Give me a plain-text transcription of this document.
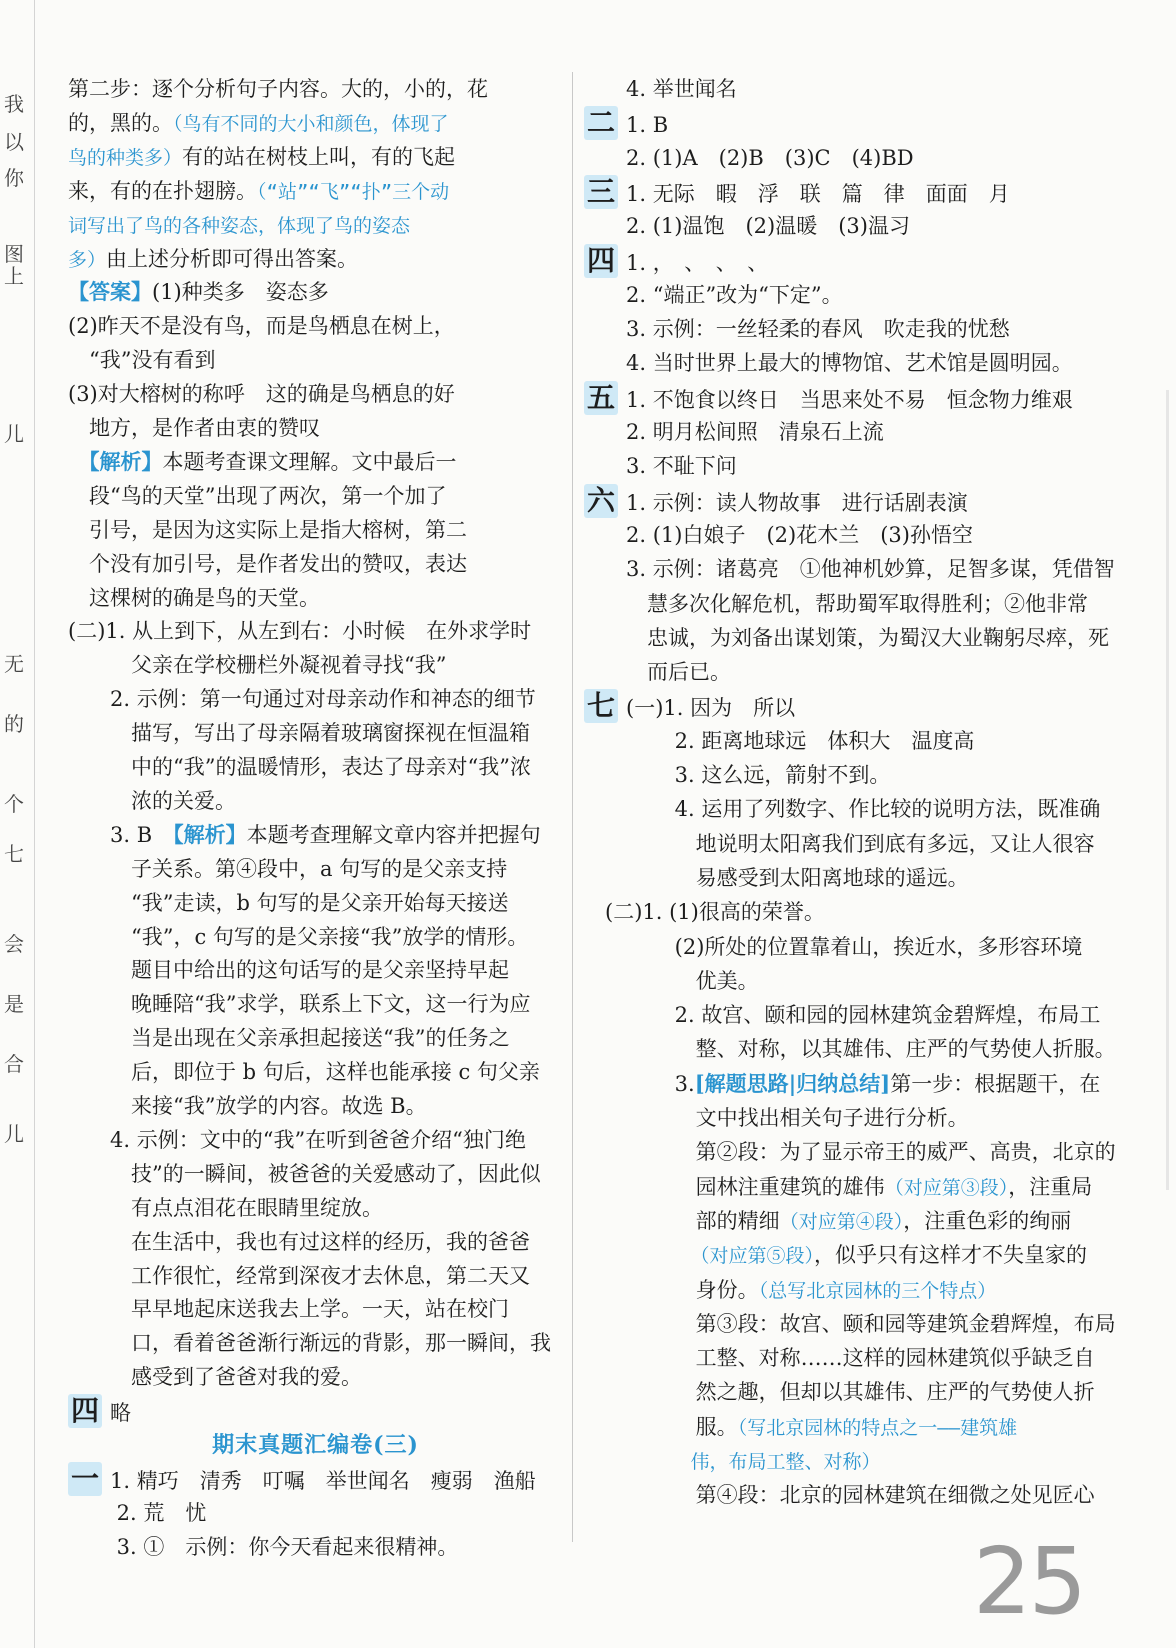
我
以
你
图
上
儿
无
的
个
七
会
是
合
儿
第二步：逐个分析句子内容。大的，小的，花
的，黑的。（鸟有不同的大小和颜色，体现了
鸟的种类多）有的站在树枝上叫，有的飞起
来，有的在扑翅膀。（“站”“飞”“扑”三个动
词写出了鸟的各种姿态，体现了鸟的姿态
多）由上述分析即可得出答案。
【答案】(1)种类多　姿态多
(2)昨天不是没有鸟，而是鸟栖息在树上，
　“我”没有看到
(3)对大榕树的称呼　这的确是鸟栖息的好
　地方，是作者由衷的赞叹
　【解析】本题考查课文理解。文中最后一
　段“鸟的天堂”出现了两次，第一个加了
　引号，是因为这实际上是指大榕树，第二
　个没有加引号，是作者发出的赞叹，表达
　这棵树的确是鸟的天堂。
(二)1. 从上到下，从左到右：小时候　在外求学时
　　　父亲在学校栅栏外凝视着寻找“我”
　　2. 示例：第一句通过对母亲动作和神态的细节
　　　描写，写出了母亲隔着玻璃窗探视在恒温箱
　　　中的“我”的温暖情形，表达了母亲对“我”浓
　　　浓的关爱。
　　3. B　【解析】本题考查理解文章内容并把握句
　　　子关系。第④段中，a 句写的是父亲支持
　　　“我”走读，b 句写的是父亲开始每天接送
　　　“我”，c 句写的是父亲接“我”放学的情形。
　　　题目中给出的这句话写的是父亲坚持早起
　　　晚睡陪“我”求学，联系上下文，这一行为应
　　　当是出现在父亲承担起接送“我”的任务之
　　　后，即位于 b 句后，这样也能承接 c 句父亲
　　　来接“我”放学的内容。故选 B。
　　4. 示例：文中的“我”在听到爸爸介绍“独门绝
　　　技”的一瞬间，被爸爸的关爱感动了，因此似
　　　有点点泪花在眼睛里绽放。
　　　在生活中，我也有过这样的经历，我的爸爸
　　　工作很忙，经常到深夜才去休息，第二天又
　　　早早地起床送我去上学。一天，站在校门
　　　口，看着爸爸渐行渐远的背影，那一瞬间，我
　　　感受到了爸爸对我的爱。
四 略
期末真题汇编卷(三)
一 1. 精巧　清秀　叮嘱　举世闻名　瘦弱　渔船
　　 2. 荒　忧
　　 3. ①　示例：你今天看起来很精神。
　　4. 举世闻名
二 1. B
　　2. (1)A　(2)B　(3)C　(4)BD
三 1. 无际　暇　浮　联　篇　律　面面　月
　　2. (1)温饱　(2)温暖　(3)温习
四 1. ，　、　、　、
　　2. “端正”改为“下定”。
　　3. 示例：一丝轻柔的春风　吹走我的忧愁
　　4. 当时世界上最大的博物馆、艺术馆是圆明园。
五 1. 不饱食以终日　当思来处不易　恒念物力维艰
　　2. 明月松间照　清泉石上流
　　3. 不耻下问
六 1. 示例：读人物故事　进行话剧表演
　　2. (1)白娘子　(2)花木兰　(3)孙悟空
　　3. 示例：诸葛亮　①他神机妙算，足智多谋，凭借智
　　　慧多次化解危机，帮助蜀军取得胜利；②他非常
　　　忠诚，为刘备出谋划策，为蜀汉大业鞠躬尽瘁，死
　　　而后已。
七 (一)1. 因为　所以
　　　　 2. 距离地球远　体积大　温度高
　　　　 3. 这么远，箭射不到。
　　　　 4. 运用了列数字、作比较的说明方法，既准确
　　　　　 地说明太阳离我们到底有多远，又让人很容
　　　　　 易感受到太阳离地球的遥远。
　(二)1. (1)很高的荣誉。
　　　　 (2)所处的位置靠着山，挨近水，多形容环境
　　　　　 优美。
　　　　 2. 故宫、颐和园的园林建筑金碧辉煌，布局工
　　　　　 整、对称，以其雄伟、庄严的气势使人折服。
　　　　 3.[解题思路|归纳总结]第一步：根据题干，在
　　　　　 文中找出相关句子进行分析。
　　　　　 第②段：为了显示帝王的威严、高贵，北京的
　　　　　 园林注重建筑的雄伟（对应第③段），注重局
　　　　　 部的精细（对应第④段），注重色彩的绚丽
　　　　　 （对应第⑤段），似乎只有这样才不失皇家的
　　　　　 身份。（总写北京园林的三个特点）
　　　　　 第③段：故宫、颐和园等建筑金碧辉煌，布局
　　　　　 工整、对称……这样的园林建筑似乎缺乏自
　　　　　 然之趣，但却以其雄伟、庄严的气势使人折
　　　　　 服。（写北京园林的特点之一——建筑雄
　　　　　 伟，布局工整、对称）
　　　　　 第④段：北京的园林建筑在细微之处见匠心
25
